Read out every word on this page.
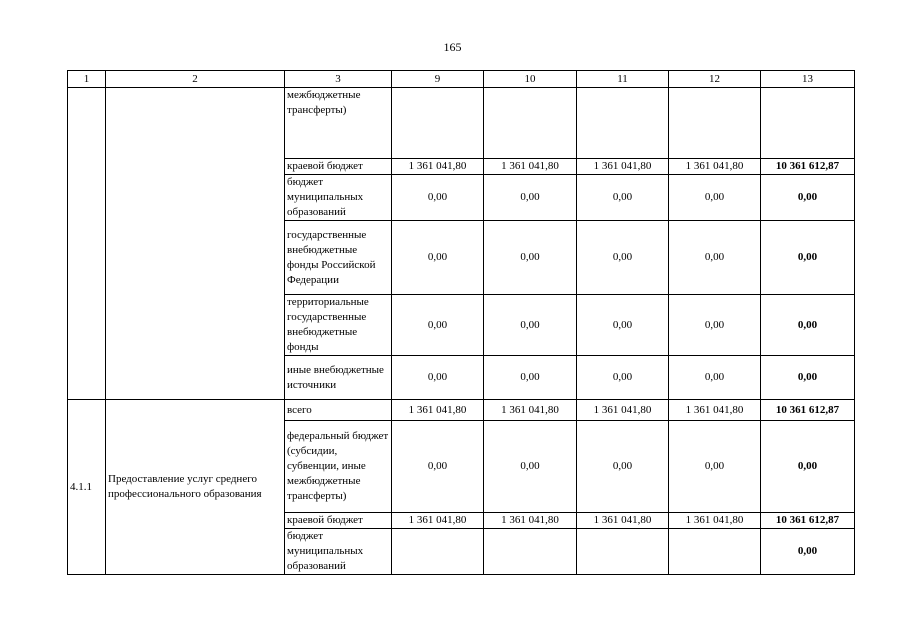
165
1	2	3	9	10	11	12	13
		межбюджетные трансферты)					
		краевой бюджет	1 361 041,80	1 361 041,80	1 361 041,80	1 361 041,80	10 361 612,87
		бюджет муниципальных образований	0,00	0,00	0,00	0,00	0,00
		государственные внебюджетные фонды Российской Федерации	0,00	0,00	0,00	0,00	0,00
		территориальные государственные внебюджетные фонды	0,00	0,00	0,00	0,00	0,00
		иные внебюджетные источники	0,00	0,00	0,00	0,00	0,00
4.1.1	Предоставление услуг среднего профессионального образования	всего	1 361 041,80	1 361 041,80	1 361 041,80	1 361 041,80	10 361 612,87
		федеральный бюджет (субсидии, субвенции, иные межбюджетные трансферты)	0,00	0,00	0,00	0,00	0,00
		краевой бюджет	1 361 041,80	1 361 041,80	1 361 041,80	1 361 041,80	10 361 612,87
		бюджет муниципальных образований					0,00
